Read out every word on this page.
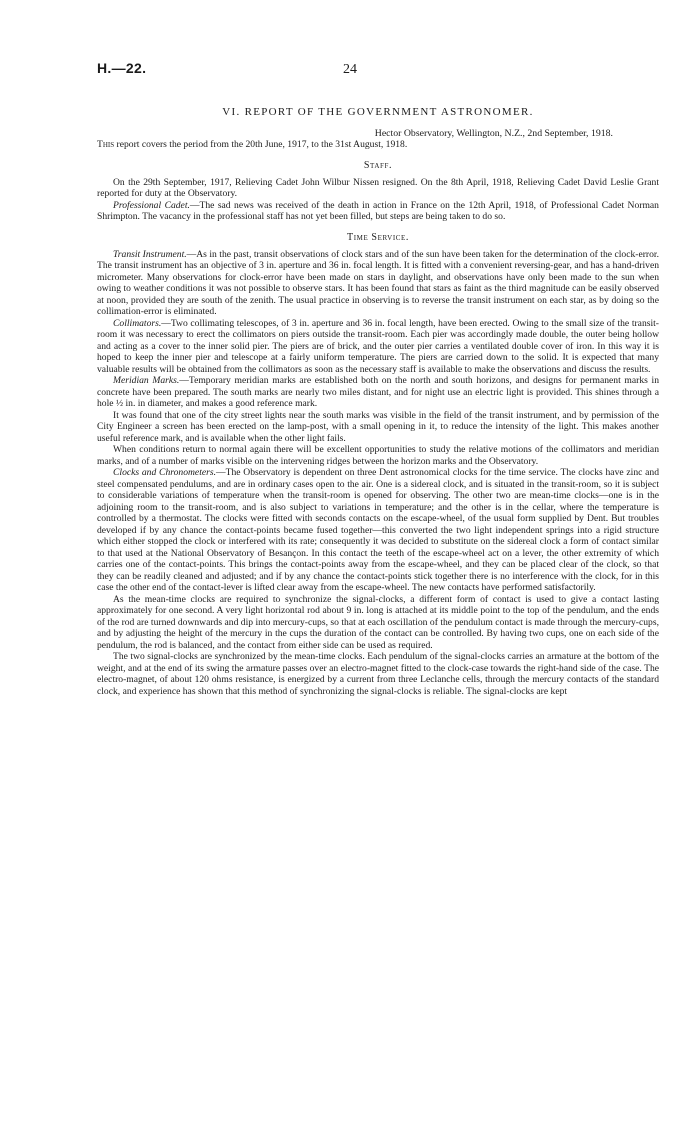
H.—22.	24
VI. REPORT OF THE GOVERNMENT ASTRONOMER.
Hector Observatory, Wellington, N.Z., 2nd September, 1918.

This report covers the period from the 20th June, 1917, to the 31st August, 1918.

Staff.

On the 29th September, 1917, Relieving Cadet John Wilbur Nissen resigned. On the 8th April, 1918, Relieving Cadet David Leslie Grant reported for duty at the Observatory.

Professional Cadet.—The sad news was received of the death in action in France on the 12th April, 1918, of Professional Cadet Norman Shrimpton. The vacancy in the professional staff has not yet been filled, but steps are being taken to do so.

Time Service.

Transit Instrument.—As in the past, transit observations of clock stars and of the sun have been taken for the determination of the clock-error. The transit instrument has an objective of 3 in. aperture and 36 in. focal length. It is fitted with a convenient reversing-gear, and has a hand-driven micrometer. Many observations for clock-error have been made on stars in daylight, and observations have only been made to the sun when owing to weather conditions it was not possible to observe stars. It has been found that stars as faint as the third magnitude can be easily observed at noon, provided they are south of the zenith. The usual practice in observing is to reverse the transit instrument on each star, as by doing so the collimation-error is eliminated.

Collimators.—Two collimating telescopes, of 3 in. aperture and 36 in. focal length, have been erected. Owing to the small size of the transit-room it was necessary to erect the collimators on piers outside the transit-room. Each pier was accordingly made double, the outer being hollow and acting as a cover to the inner solid pier. The piers are of brick, and the outer pier carries a ventilated double cover of iron. In this way it is hoped to keep the inner pier and telescope at a fairly uniform temperature. The piers are carried down to the solid. It is expected that many valuable results will be obtained from the collimators as soon as the necessary staff is available to make the observations and discuss the results.

Meridian Marks.—Temporary meridian marks are established both on the north and south horizons, and designs for permanent marks in concrete have been prepared. The south marks are nearly two miles distant, and for night use an electric light is provided. This shines through a hole ½ in. in diameter, and makes a good reference mark.

It was found that one of the city street lights near the south marks was visible in the field of the transit instrument, and by permission of the City Engineer a screen has been erected on the lamp-post, with a small opening in it, to reduce the intensity of the light. This makes another useful reference mark, and is available when the other light fails.

When conditions return to normal again there will be excellent opportunities to study the relative motions of the collimators and meridian marks, and of a number of marks visible on the intervening ridges between the horizon marks and the Observatory.

Clocks and Chronometers.—The Observatory is dependent on three Dent astronomical clocks for the time service. The clocks have zinc and steel compensated pendulums, and are in ordinary cases open to the air. One is a sidereal clock, and is situated in the transit-room, so it is subject to considerable variations of temperature when the transit-room is opened for observing. The other two are mean-time clocks—one is in the adjoining room to the transit-room, and is also subject to variations in temperature; and the other is in the cellar, where the temperature is controlled by a thermostat. The clocks were fitted with seconds contacts on the escape-wheel, of the usual form supplied by Dent. But troubles developed if by any chance the contact-points became fused together—this converted the two light independent springs into a rigid structure which either stopped the clock or interfered with its rate; consequently it was decided to substitute on the sidereal clock a form of contact similar to that used at the National Observatory of Besançon. In this contact the teeth of the escape-wheel act on a lever, the other extremity of which carries one of the contact-points. This brings the contact-points away from the escape-wheel, and they can be placed clear of the clock, so that they can be readily cleaned and adjusted; and if by any chance the contact-points stick together there is no interference with the clock, for in this case the other end of the contact-lever is lifted clear away from the escape-wheel. The new contacts have performed satisfactorily.

As the mean-time clocks are required to synchronize the signal-clocks, a different form of contact is used to give a contact lasting approximately for one second. A very light horizontal rod about 9 in. long is attached at its middle point to the top of the pendulum, and the ends of the rod are turned downwards and dip into mercury-cups, so that at each oscillation of the pendulum contact is made through the mercury-cups, and by adjusting the height of the mercury in the cups the duration of the contact can be controlled. By having two cups, one on each side of the pendulum, the rod is balanced, and the contact from either side can be used as required.

The two signal-clocks are synchronized by the mean-time clocks. Each pendulum of the signal-clocks carries an armature at the bottom of the weight, and at the end of its swing the armature passes over an electro-magnet fitted to the clock-case towards the right-hand side of the case. The electro-magnet, of about 120 ohms resistance, is energized by a current from three Leclanche cells, through the mercury contacts of the standard clock, and experience has shown that this method of synchronizing the signal-clocks is reliable. The signal-clocks are kept
